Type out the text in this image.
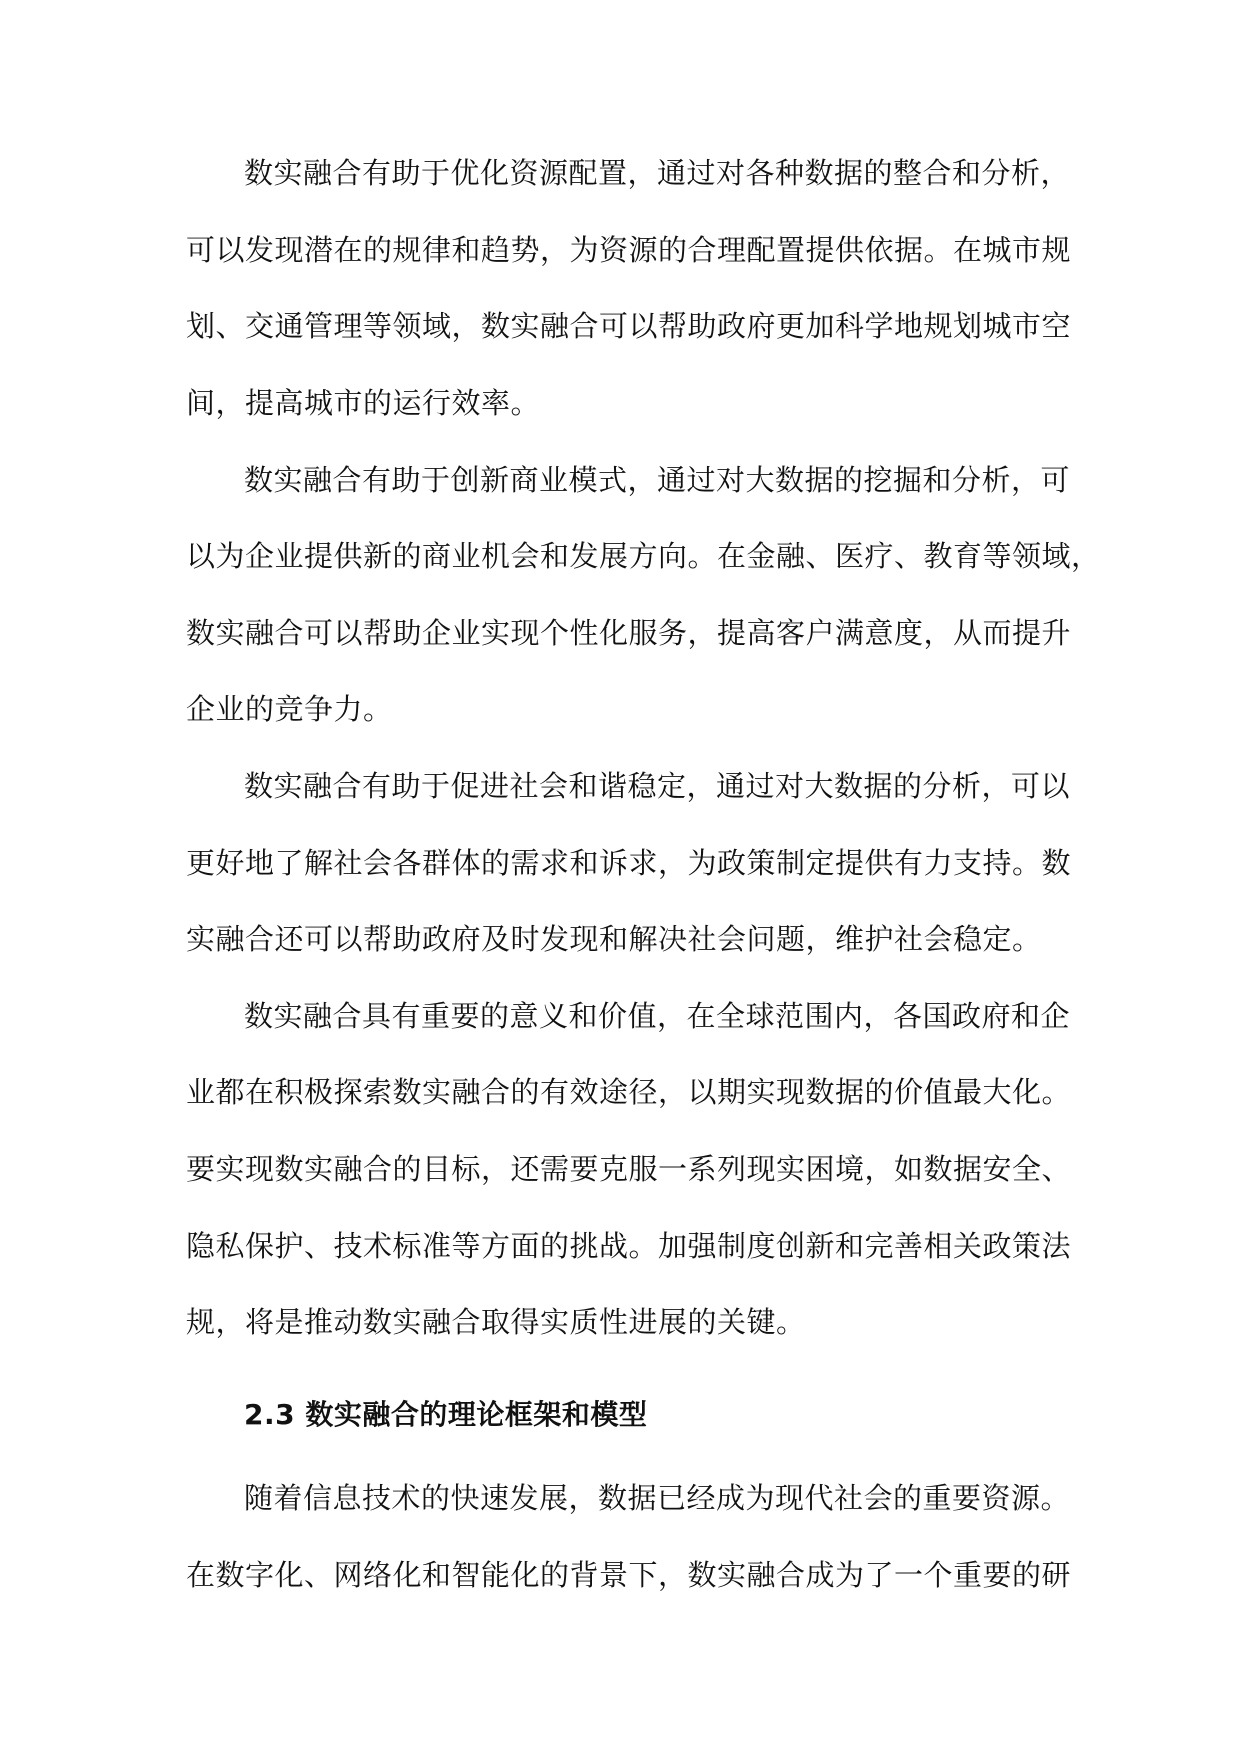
数实融合有助于优化资源配置，通过对各种数据的整合和分析，
可以发现潜在的规律和趋势，为资源的合理配置提供依据。在城市规
划、交通管理等领域，数实融合可以帮助政府更加科学地规划城市空
间，提高城市的运行效率。
数实融合有助于创新商业模式，通过对大数据的挖掘和分析，可
以为企业提供新的商业机会和发展方向。在金融、医疗、教育等领域，
数实融合可以帮助企业实现个性化服务，提高客户满意度，从而提升
企业的竞争力。
数实融合有助于促进社会和谐稳定，通过对大数据的分析，可以
更好地了解社会各群体的需求和诉求，为政策制定提供有力支持。数
实融合还可以帮助政府及时发现和解决社会问题，维护社会稳定。
数实融合具有重要的意义和价值，在全球范围内，各国政府和企
业都在积极探索数实融合的有效途径，以期实现数据的价值最大化。
要实现数实融合的目标，还需要克服一系列现实困境，如数据安全、
隐私保护、技术标准等方面的挑战。加强制度创新和完善相关政策法
规，将是推动数实融合取得实质性进展的关键。
2.3 数实融合的理论框架和模型
随着信息技术的快速发展，数据已经成为现代社会的重要资源。
在数字化、网络化和智能化的背景下，数实融合成为了一个重要的研
